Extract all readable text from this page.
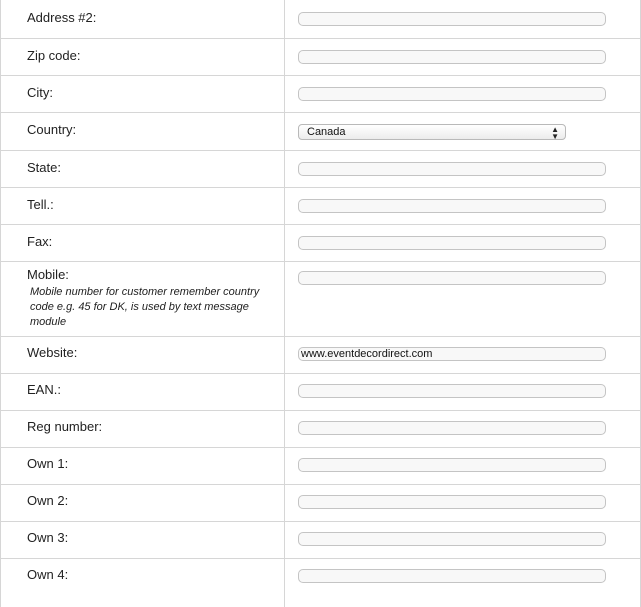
Address #2:
Zip code:
City:
Country:	Canada	▲
▼
State:
Tell.:
Fax:
Mobile:
Mobile number for customer remember country code e.g. 45 for DK, is used by text message module
Website:	www.eventdecordirect.com
EAN.:
Reg number:
Own 1:
Own 2:
Own 3:
Own 4:
